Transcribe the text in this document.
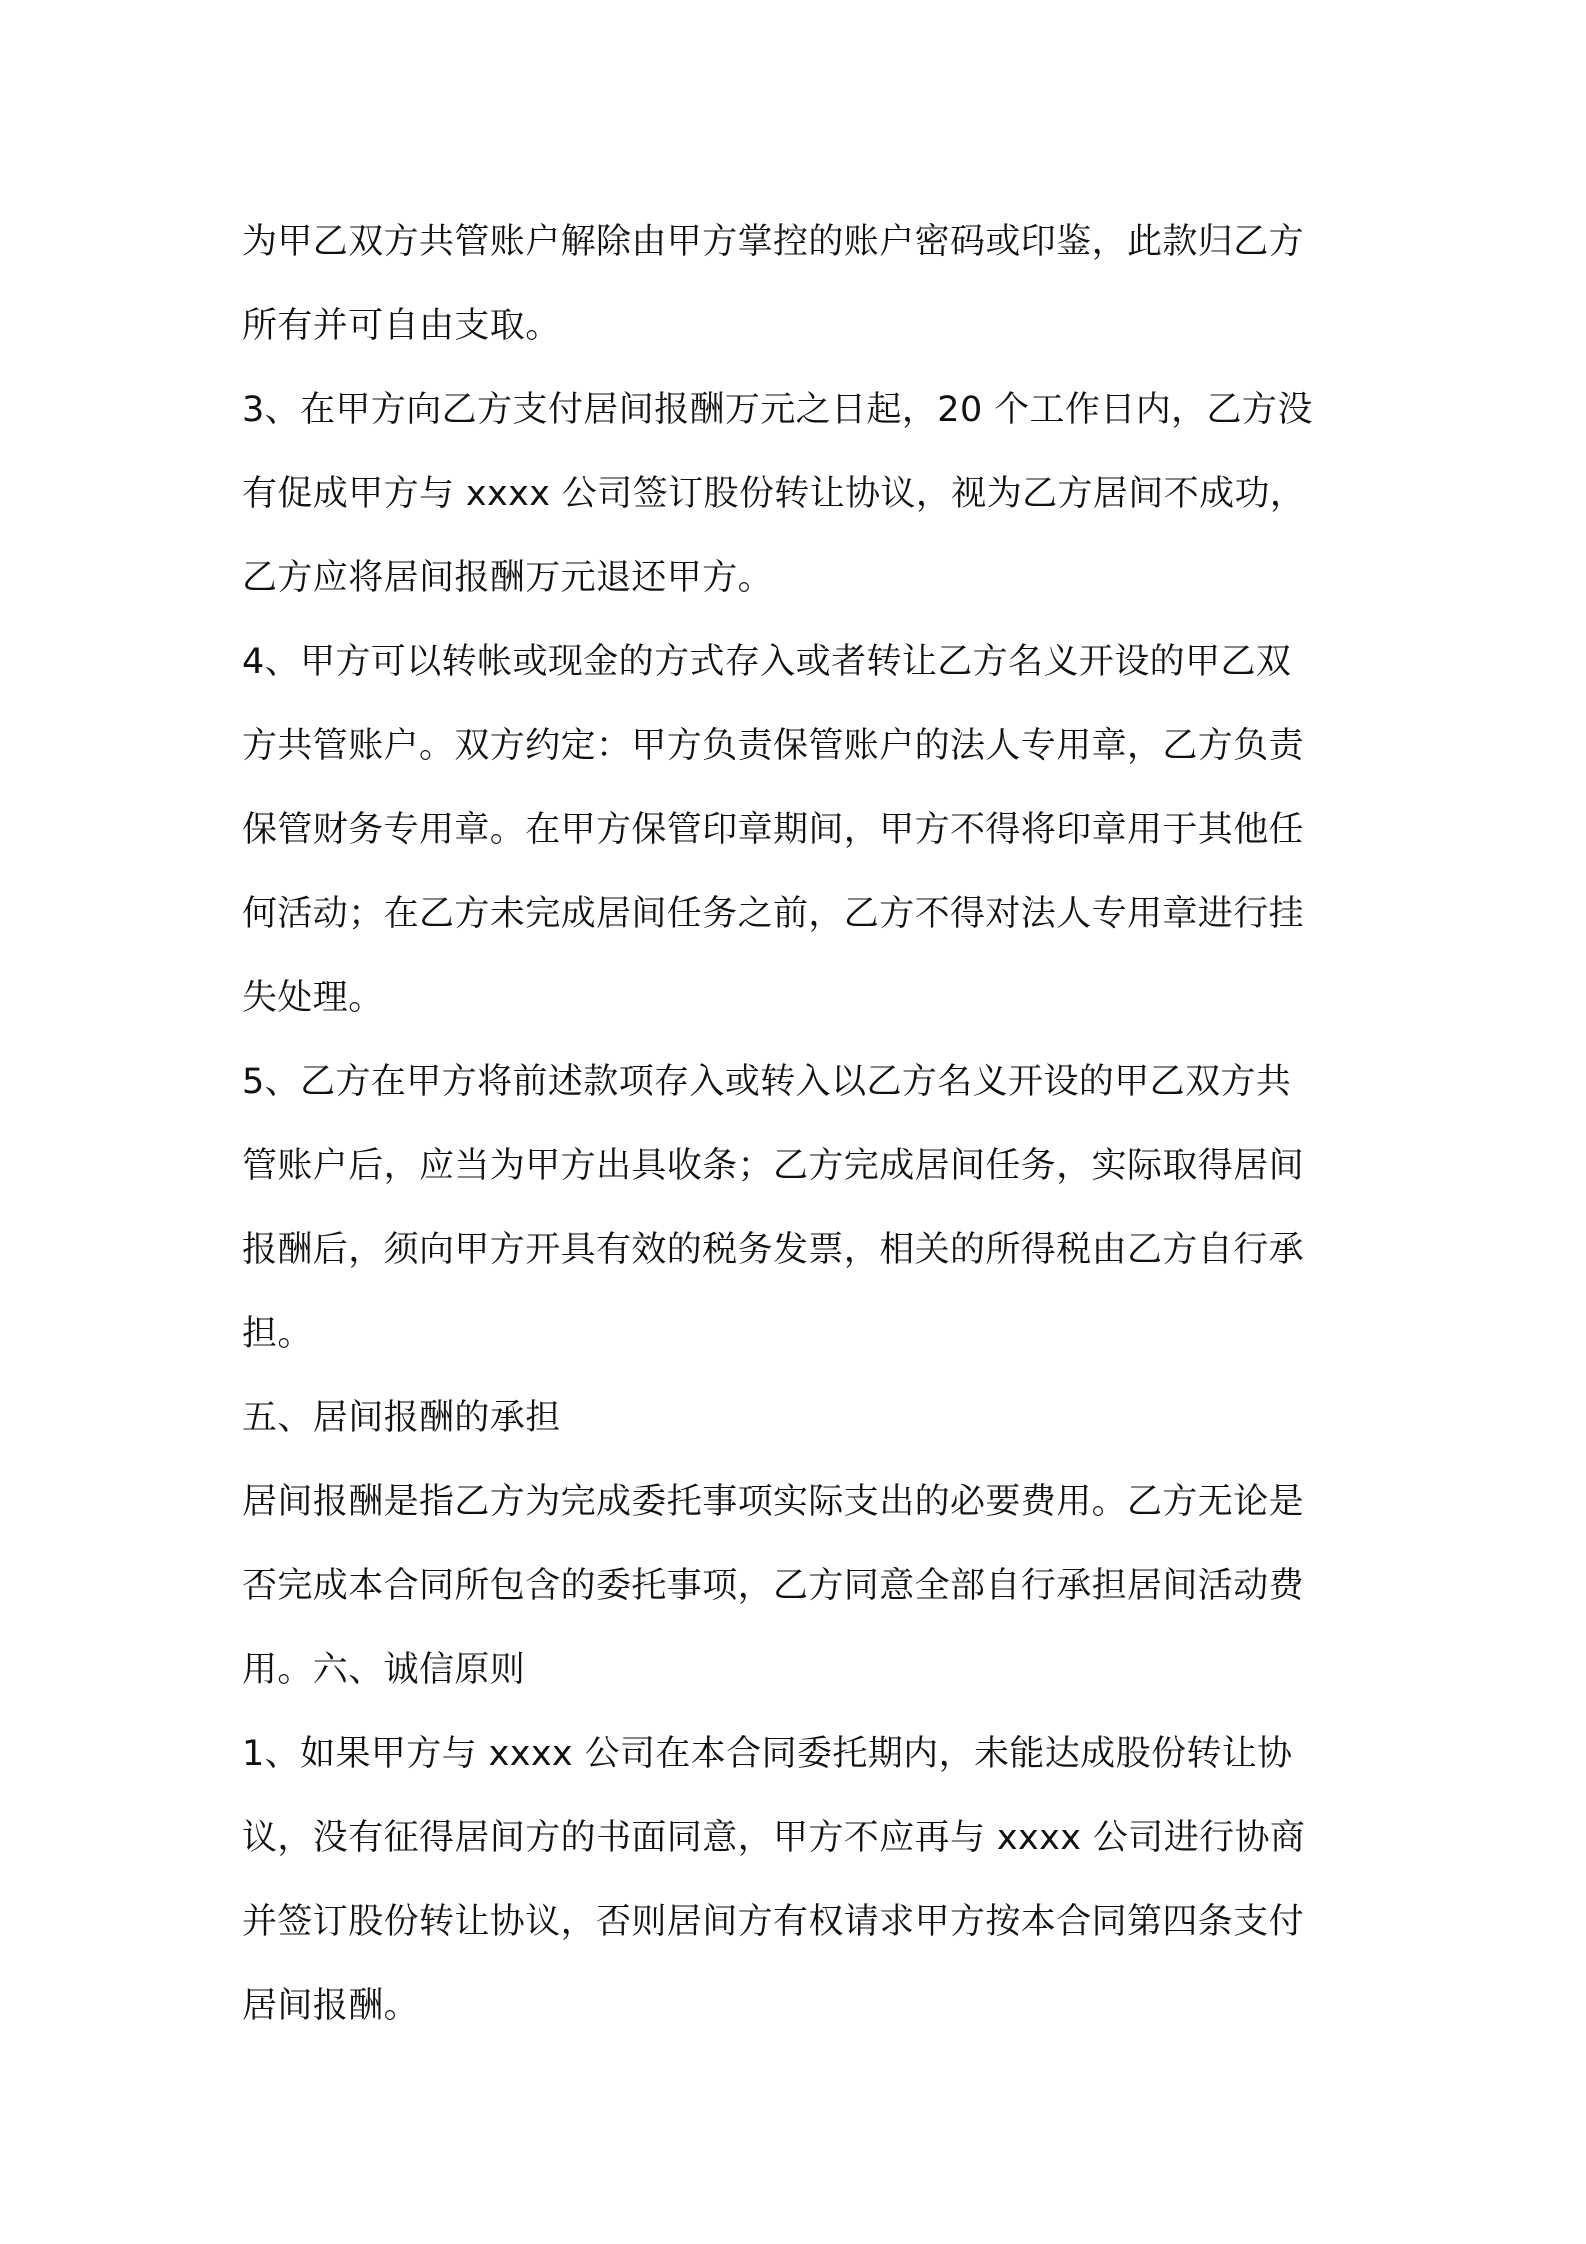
为甲乙双方共管账户解除由甲方掌控的账户密码或印鉴，此款归乙方
所有并可自由支取。
3、在甲方向乙方支付居间报酬万元之日起，20 个工作日内，乙方没
有促成甲方与 xxxx 公司签订股份转让协议，视为乙方居间不成功，
乙方应将居间报酬万元退还甲方。
4、甲方可以转帐或现金的方式存入或者转让乙方名义开设的甲乙双
方共管账户。双方约定：甲方负责保管账户的法人专用章，乙方负责
保管财务专用章。在甲方保管印章期间，甲方不得将印章用于其他任
何活动；在乙方未完成居间任务之前，乙方不得对法人专用章进行挂
失处理。
5、乙方在甲方将前述款项存入或转入以乙方名义开设的甲乙双方共
管账户后，应当为甲方出具收条；乙方完成居间任务，实际取得居间
报酬后，须向甲方开具有效的税务发票，相关的所得税由乙方自行承
担。
五、居间报酬的承担
居间报酬是指乙方为完成委托事项实际支出的必要费用。乙方无论是
否完成本合同所包含的委托事项，乙方同意全部自行承担居间活动费
用。六、诚信原则
1、如果甲方与 xxxx 公司在本合同委托期内，未能达成股份转让协
议，没有征得居间方的书面同意，甲方不应再与 xxxx 公司进行协商
并签订股份转让协议，否则居间方有权请求甲方按本合同第四条支付
居间报酬。
